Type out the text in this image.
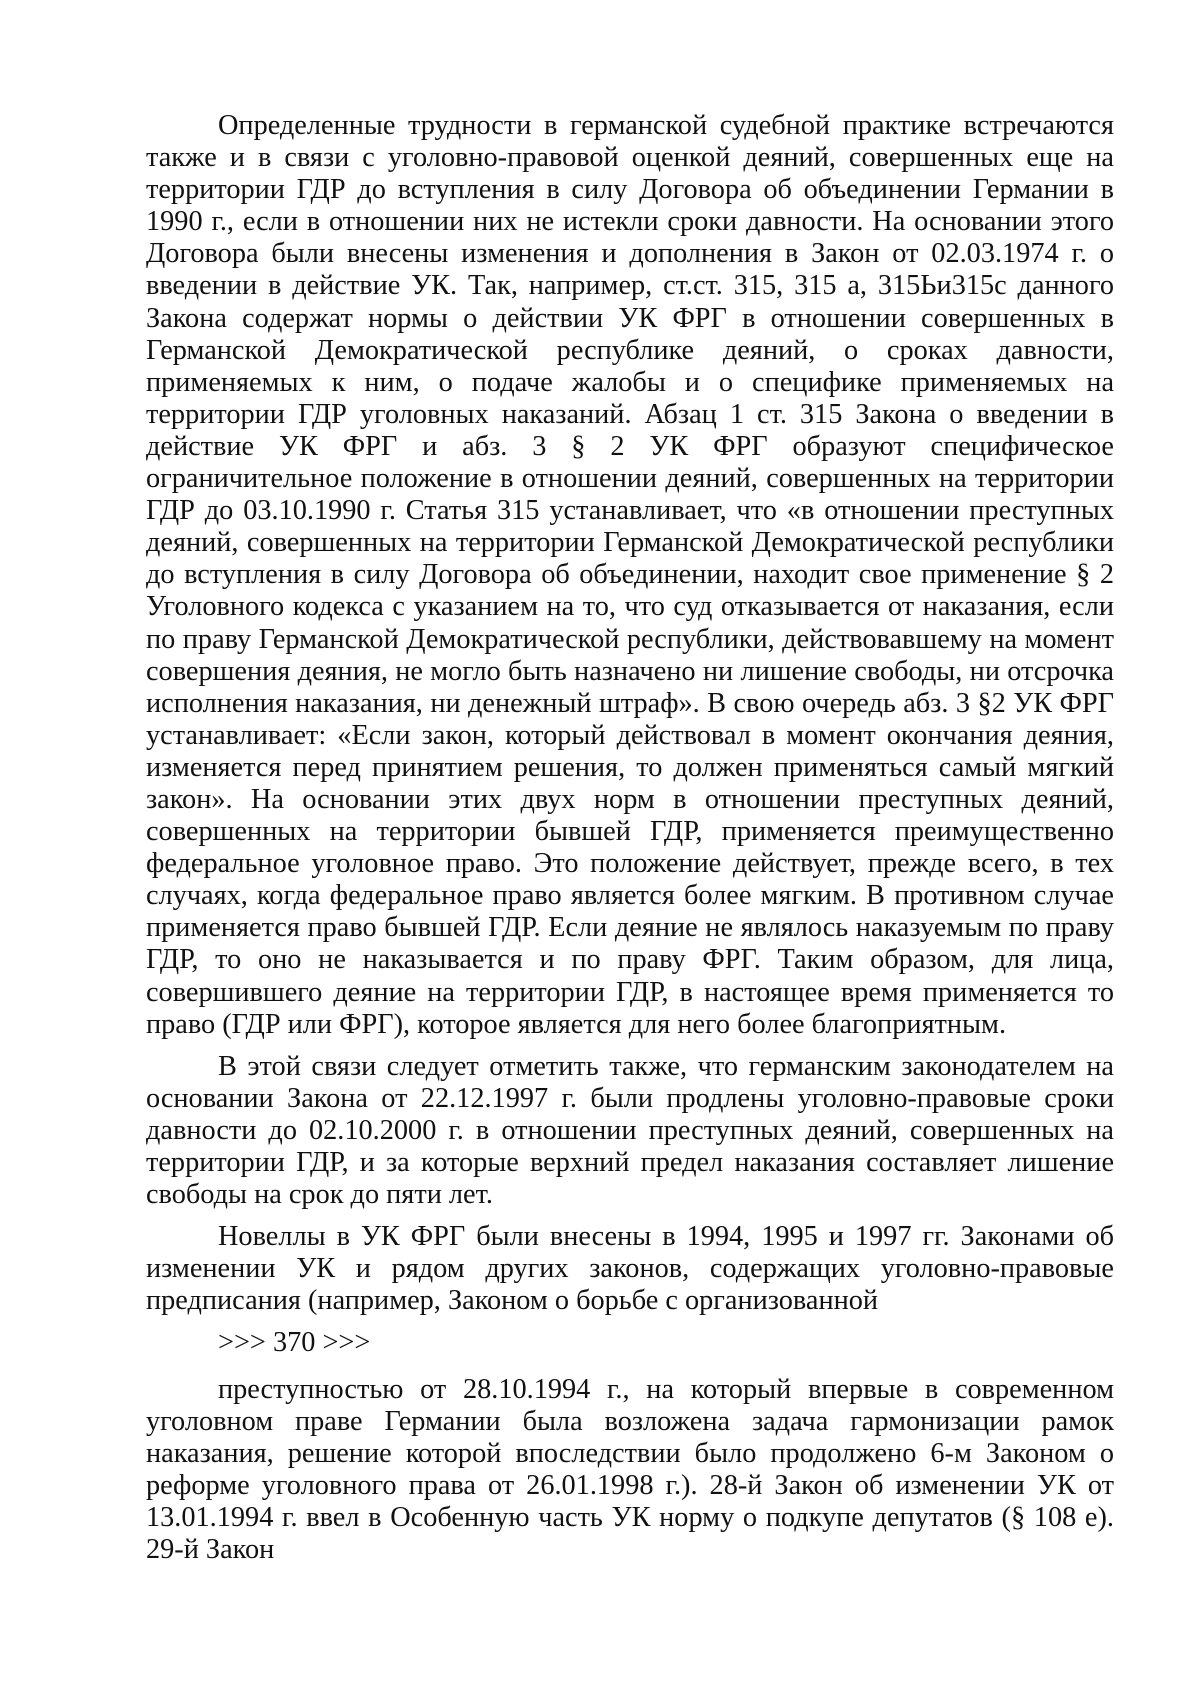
Определенные трудности в германской судебной практике встречаются также и в связи с уголовно-правовой оценкой деяний, совершенных еще на территории ГДР до вступления в силу Договора об объединении Германии в 1990 г., если в отношении них не истекли сроки давности. На основании этого Договора были внесены изменения и дополнения в Закон от 02.03.1974 г. о введении в действие УК. Так, например, ст.ст. 315, 315 а, 315Ьи315с данного Закона содержат нормы о действии УК ФРГ в отношении совершенных в Германской Демократической республике деяний, о сроках давности, применяемых к ним, о подаче жалобы и о специфике применяемых на территории ГДР уголовных наказаний. Абзац 1 ст. 315 Закона о введении в действие УК ФРГ и абз. 3 § 2 УК ФРГ образуют специфическое ограничительное положение в отношении деяний, совершенных на территории ГДР до 03.10.1990 г. Статья 315 устанавливает, что «в отношении преступных деяний, совершенных на территории Германской Демократической республики до вступления в силу Договора об объединении, находит свое применение § 2 Уголовного кодекса с указанием на то, что суд отказывается от наказания, если по праву Германской Демократической республики, действовавшему на момент совершения деяния, не могло быть назначено ни лишение свободы, ни отсрочка исполнения наказания, ни денежный штраф». В свою очередь абз. 3 §2 УК ФРГ устанавливает: «Если закон, который действовал в момент окончания деяния, изменяется перед принятием решения, то должен применяться самый мягкий закон». На основании этих двух норм в отношении преступных деяний, совершенных на территории бывшей ГДР, применяется преимущественно федеральное уголовное право. Это положение действует, прежде всего, в тех случаях, когда федеральное право является более мягким. В противном случае применяется право бывшей ГДР. Если деяние не являлось наказуемым по праву ГДР, то оно не наказывается и по праву ФРГ. Таким образом, для лица, совершившего деяние на территории ГДР, в настоящее время применяется то право (ГДР или ФРГ), которое является для него более благоприятным.

В этой связи следует отметить также, что германским законодателем на основании Закона от 22.12.1997 г. были продлены уголовно-правовые сроки давности до 02.10.2000 г. в отношении преступных деяний, совершенных на территории ГДР, и за которые верхний предел наказания составляет лишение свободы на срок до пяти лет.

Новеллы в УК ФРГ были внесены в 1994, 1995 и 1997 гг. Законами об изменении УК и рядом других законов, содержащих уголовно-правовые предписания (например, Законом о борьбе с организованной

>>> 370 >>>

преступностью от 28.10.1994 г., на который впервые в современном уголовном праве Германии была возложена задача гармонизации рамок наказания, решение которой впоследствии было продолжено 6-м Законом о реформе уголовного права от 26.01.1998 г.). 28-й Закон об изменении УК от 13.01.1994 г. ввел в Особенную часть УК норму о подкупе депутатов (§ 108 е). 29-й Закон
